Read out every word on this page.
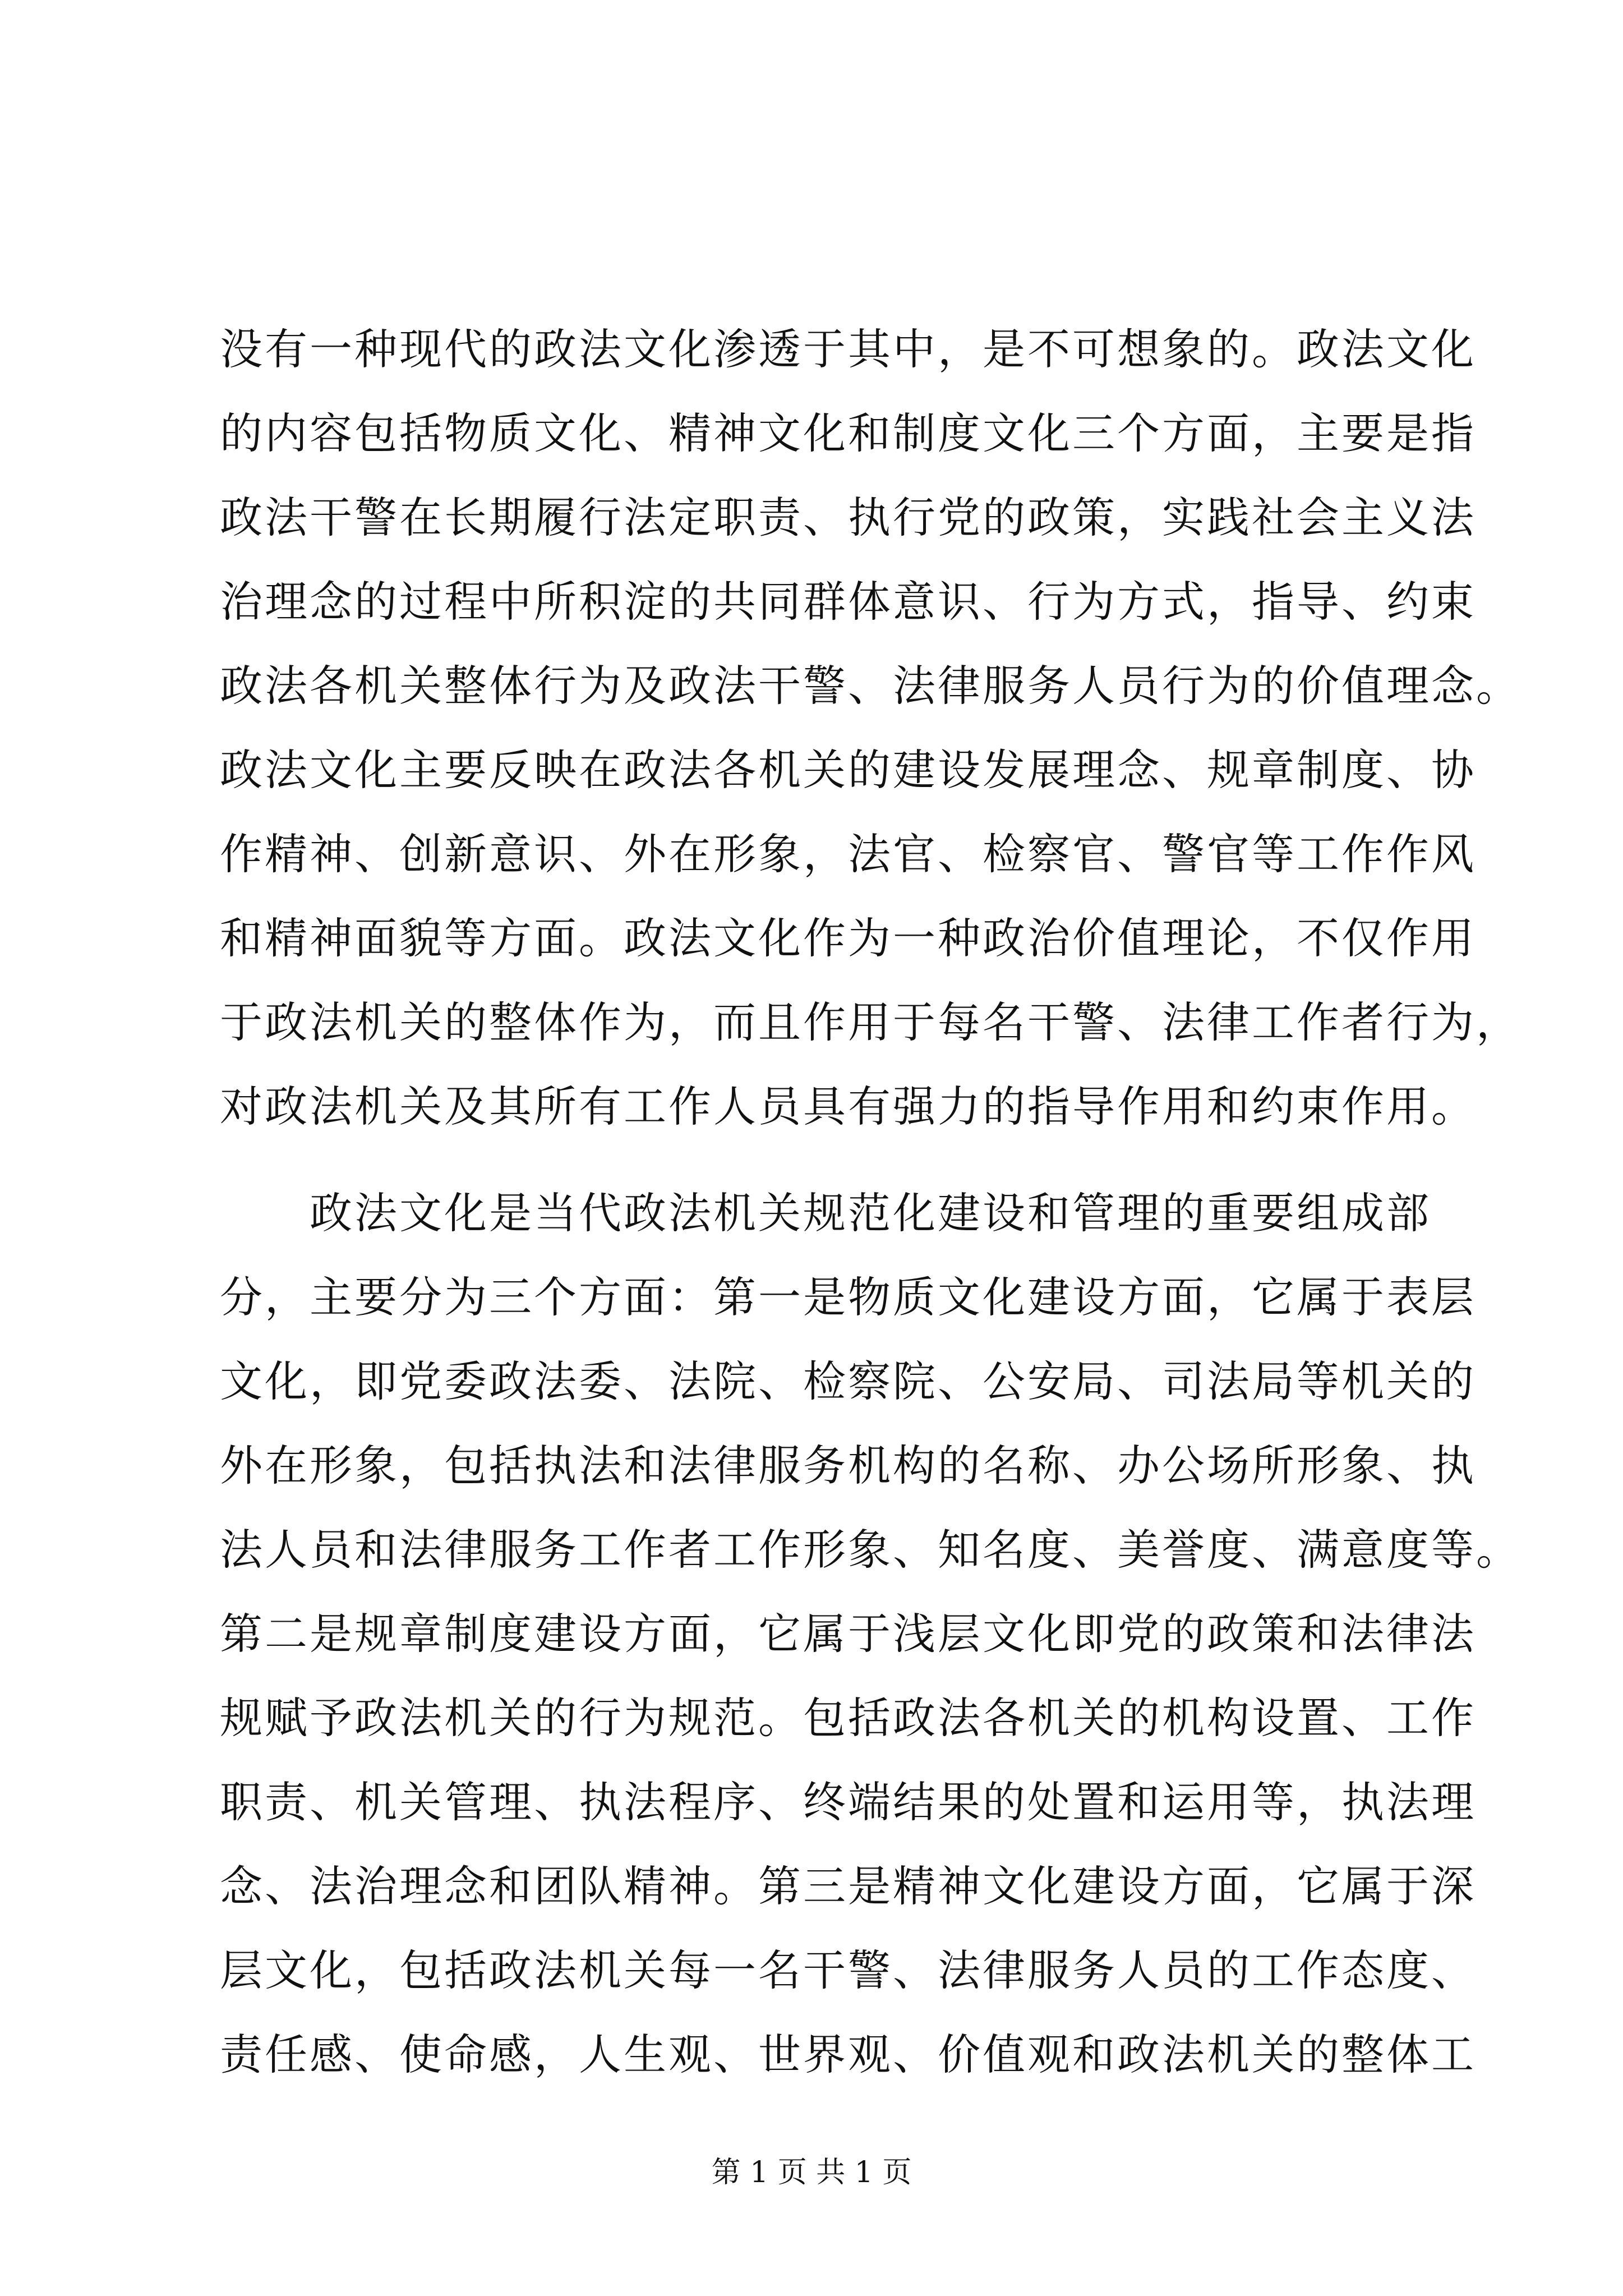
没有一种现代的政法文化渗透于其中，是不可想象的。政法文化
的内容包括物质文化、精神文化和制度文化三个方面，主要是指
政法干警在长期履行法定职责、执行党的政策，实践社会主义法
治理念的过程中所积淀的共同群体意识、行为方式，指导、约束
政法各机关整体行为及政法干警、法律服务人员行为的价值理念。
政法文化主要反映在政法各机关的建设发展理念、规章制度、协
作精神、创新意识、外在形象，法官、检察官、警官等工作作风
和精神面貌等方面。政法文化作为一种政治价值理论，不仅作用
于政法机关的整体作为，而且作用于每名干警、法律工作者行为，
对政法机关及其所有工作人员具有强力的指导作用和约束作用。
　　政法文化是当代政法机关规范化建设和管理的重要组成部
分，主要分为三个方面：第一是物质文化建设方面，它属于表层
文化，即党委政法委、法院、检察院、公安局、司法局等机关的
外在形象，包括执法和法律服务机构的名称、办公场所形象、执
法人员和法律服务工作者工作形象、知名度、美誉度、满意度等。
第二是规章制度建设方面，它属于浅层文化即党的政策和法律法
规赋予政法机关的行为规范。包括政法各机关的机构设置、工作
职责、机关管理、执法程序、终端结果的处置和运用等，执法理
念、法治理念和团队精神。第三是精神文化建设方面，它属于深
层文化，包括政法机关每一名干警、法律服务人员的工作态度、
责任感、使命感，人生观、世界观、价值观和政法机关的整体工
第 1 页 共 1 页
